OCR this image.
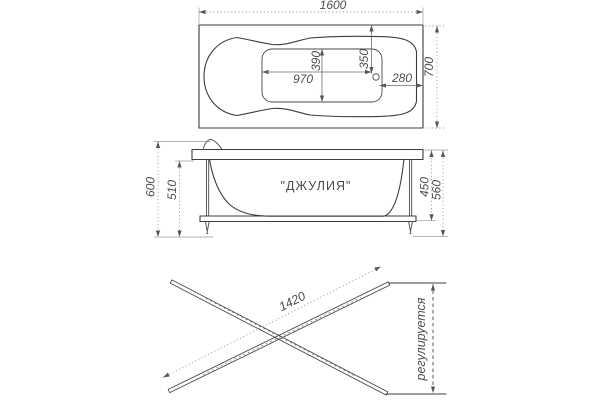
1600
700
390	350
970	280
"ДЖУЛИЯ"
600 510	450
560
1420	регулируется
